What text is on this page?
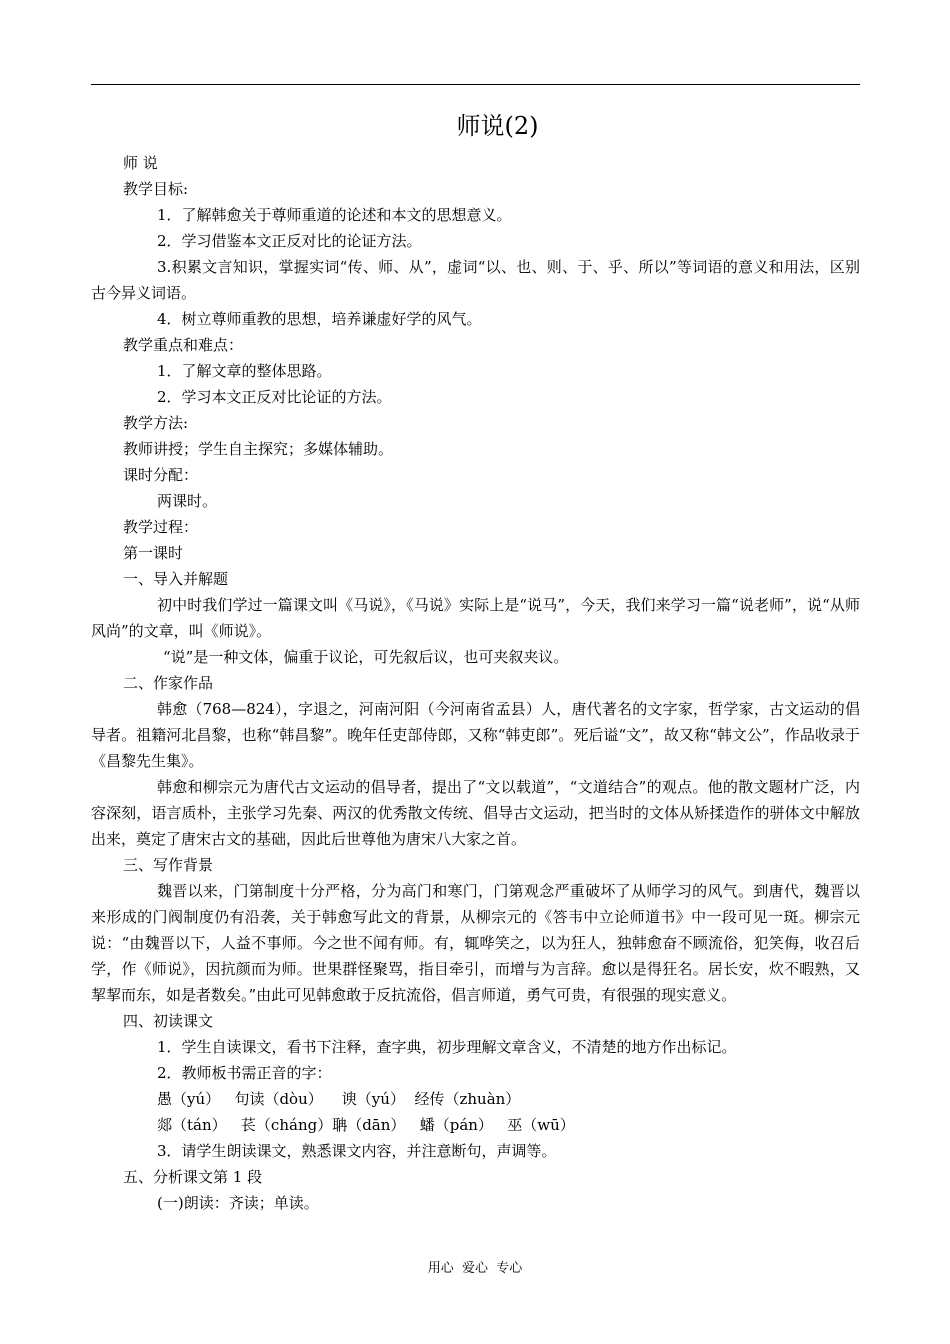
师说(2)
师 说
教学目标:
1．了解韩愈关于尊师重道的论述和本文的思想意义。
2．学习借鉴本文正反对比的论证方法。
3.积累文言知识，掌握实词“传、师、从”，虚词“以、也、则、于、乎、所以”等词语的意义和用法，区别古今异义词语。
4．树立尊师重教的思想，培养谦虚好学的风气。
教学重点和难点：
1．了解文章的整体思路。
2．学习本文正反对比论证的方法。
教学方法:
教师讲授；学生自主探究；多媒体辅助。
课时分配：
两课时。
教学过程：
第一课时
一、导入并解题
初中时我们学过一篇课文叫《马说》，《马说》实际上是“说马”，今天，我们来学习一篇“说老师”，说“从师风尚”的文章，叫《师说》。
“说”是一种文体，偏重于议论，可先叙后议，也可夹叙夹议。
二、作家作品
韩愈（768—824），字退之，河南河阳（今河南省孟县）人，唐代著名的文字家，哲学家，古文运动的倡导者。祖籍河北昌黎，也称“韩昌黎”。晚年任吏部侍郎，又称“韩吏郎”。死后谥“文”，故又称“韩文公”，作品收录于《昌黎先生集》。
韩愈和柳宗元为唐代古文运动的倡导者，提出了“文以载道”，“文道结合”的观点。他的散文题材广泛，内容深刻，语言质朴，主张学习先秦、两汉的优秀散文传统、倡导古文运动，把当时的文体从矫揉造作的骈体文中解放出来，奠定了唐宋古文的基础，因此后世尊他为唐宋八大家之首。
三、写作背景
魏晋以来，门第制度十分严格，分为高门和寒门，门第观念严重破坏了从师学习的风气。到唐代，魏晋以来形成的门阀制度仍有沿袭，关于韩愈写此文的背景，从柳宗元的《答韦中立论师道书》中一段可见一斑。柳宗元说：“由魏晋以下，人益不事师。今之世不闻有师。有，辄哗笑之，以为狂人，独韩愈奋不顾流俗，犯笑侮，收召后学，作《师说》，因抗颜而为师。世果群怪聚骂，指目牵引，而增与为言辞。愈以是得狂名。居长安，炊不暇熟，又挈挈而东，如是者数矣。”由此可见韩愈敢于反抗流俗，倡言师道，勇气可贵，有很强的现实意义。
四、初读课文
1．学生自读课文，看书下注释，查字典，初步理解文章含义，不清楚的地方作出标记。
2．教师板书需正音的字：
愚（yú）   句读（dòu）    谀（yú）  经传（zhuàn）
郯（tán）   苌（cháng）聃（dān）   蟠（pán）   巫（wū）
3．请学生朗读课文，熟悉课文内容，并注意断句，声调等。
五、分析课文第 1 段
(一)朗读：齐读；单读。
用心  爱心  专心
